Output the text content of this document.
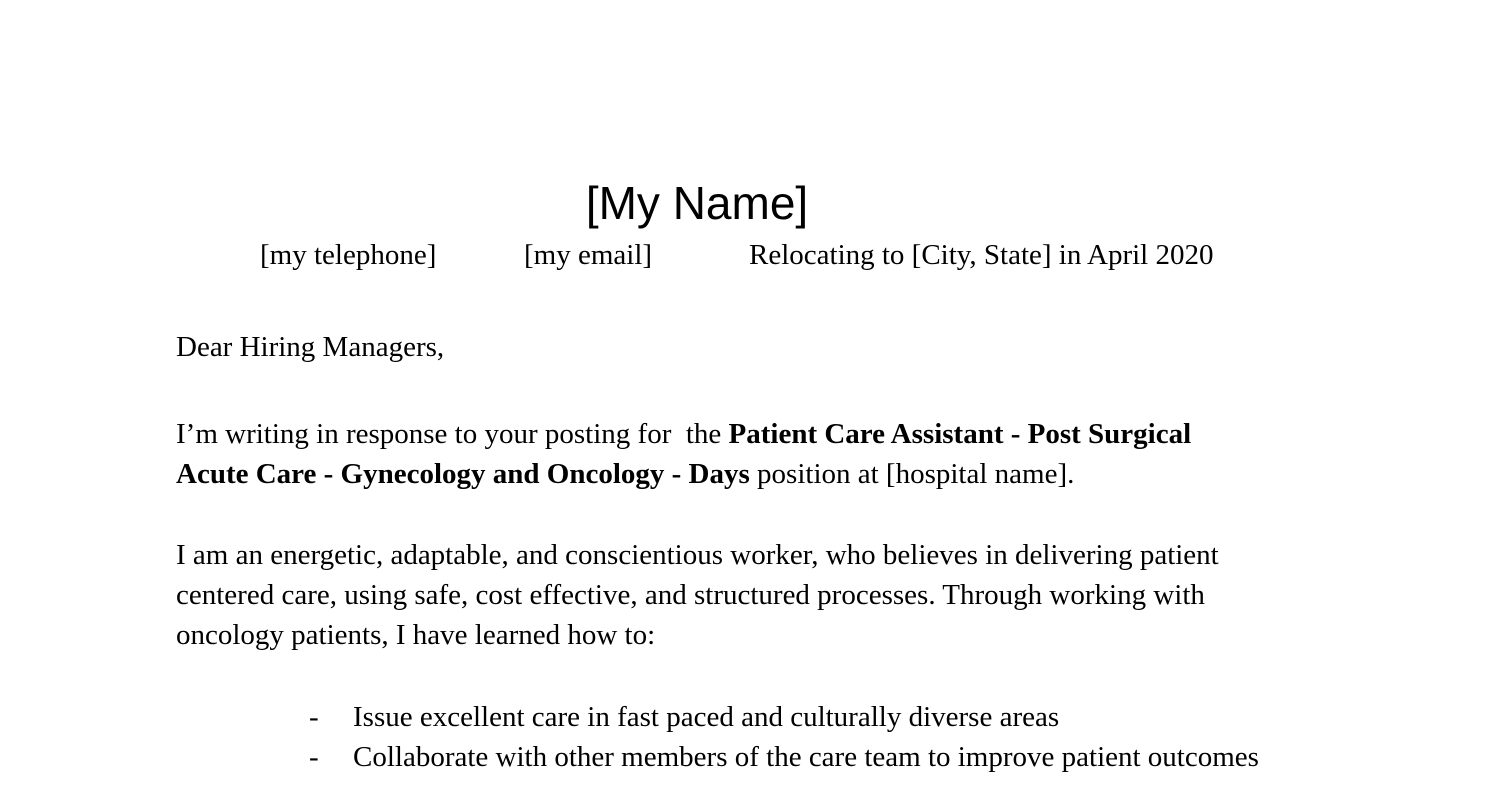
[My Name]
[my telephone]	[my email]	Relocating to [City, State] in April 2020

Dear Hiring Managers,

I’m writing in response to your posting for  the Patient Care Assistant - Post Surgical
Acute Care - Gynecology and Oncology - Days position at [hospital name].

I am an energetic, adaptable, and conscientious worker, who believes in delivering patient
centered care, using safe, cost effective, and structured processes. Through working with
oncology patients, I have learned how to:

- Issue excellent care in fast paced and culturally diverse areas
- Collaborate with other members of the care team to improve patient outcomes
